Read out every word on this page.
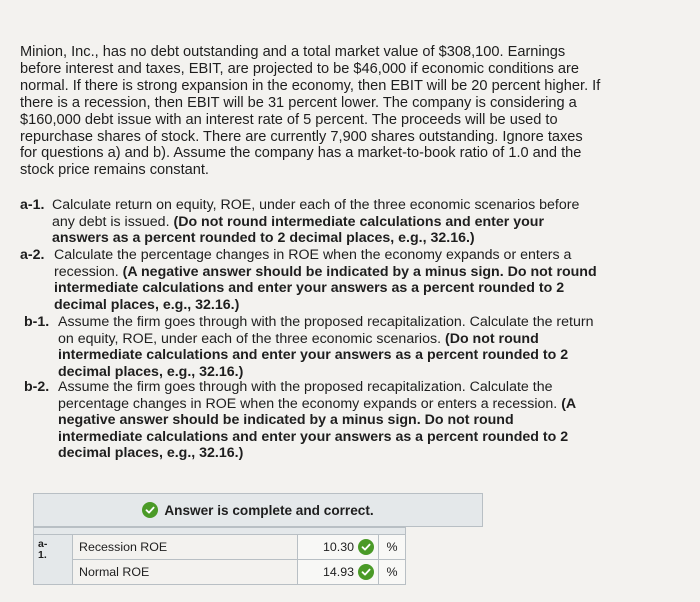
Minion, Inc., has no debt outstanding and a total market value of $308,100. Earnings before interest and taxes, EBIT, are projected to be $46,000 if economic conditions are normal. If there is strong expansion in the economy, then EBIT will be 20 percent higher. If there is a recession, then EBIT will be 31 percent lower. The company is considering a $160,000 debt issue with an interest rate of 5 percent. The proceeds will be used to repurchase shares of stock. There are currently 7,900 shares outstanding. Ignore taxes for questions a) and b). Assume the company has a market-to-book ratio of 1.0 and the stock price remains constant.

a-1. Calculate return on equity, ROE, under each of the three economic scenarios before any debt is issued. (Do not round intermediate calculations and enter your answers as a percent rounded to 2 decimal places, e.g., 32.16.)
a-2. Calculate the percentage changes in ROE when the economy expands or enters a recession. (A negative answer should be indicated by a minus sign. Do not round intermediate calculations and enter your answers as a percent rounded to 2 decimal places, e.g., 32.16.)
b-1. Assume the firm goes through with the proposed recapitalization. Calculate the return on equity, ROE, under each of the three economic scenarios. (Do not round intermediate calculations and enter your answers as a percent rounded to 2 decimal places, e.g., 32.16.)
b-2. Assume the firm goes through with the proposed recapitalization. Calculate the percentage changes in ROE when the economy expands or enters a recession. (A negative answer should be indicated by a minus sign. Do not round intermediate calculations and enter your answers as a percent rounded to 2 decimal places, e.g., 32.16.)
Answer is complete and correct.

a-1.	Recession ROE	10.30	%
	Normal ROE	14.93	%
